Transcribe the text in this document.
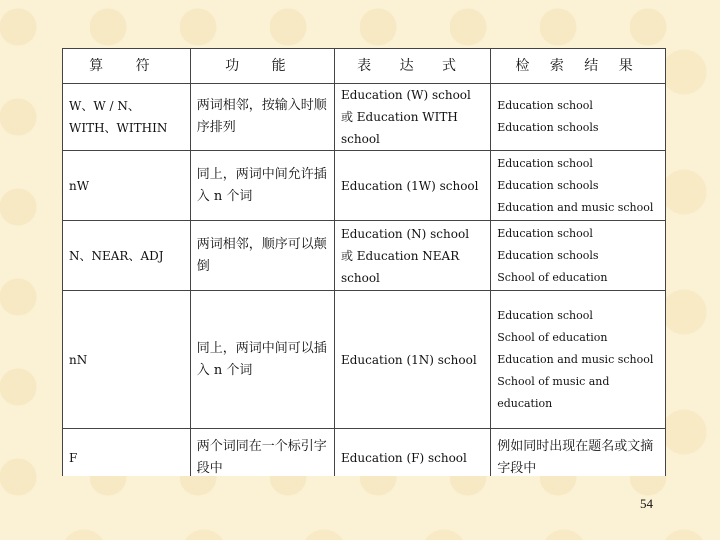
算 符	功 能	表 达 式	检 索 结 果
W、W / N、WITH、WITHIN	两词相邻，按输入时顺序排列	Education (W) school 或 Education WITH school	Education school
Education schools

nW	同上，两词中间允许插入 n 个词	Education (1W) school	Education school
Education schools
Education and music school

N、NEAR、ADJ	两词相邻，顺序可以颠倒	Education (N) school 或 Education NEAR school	Education school
Education schools
School of education

nN	同上，两词中间可以插入 n 个词	Education (1N) school	Education school
School of education
Education and music school
School of music and education

F	两个词同在一个标引字段中	Education (F) school	例如同时出现在题名或文摘字段中
54
